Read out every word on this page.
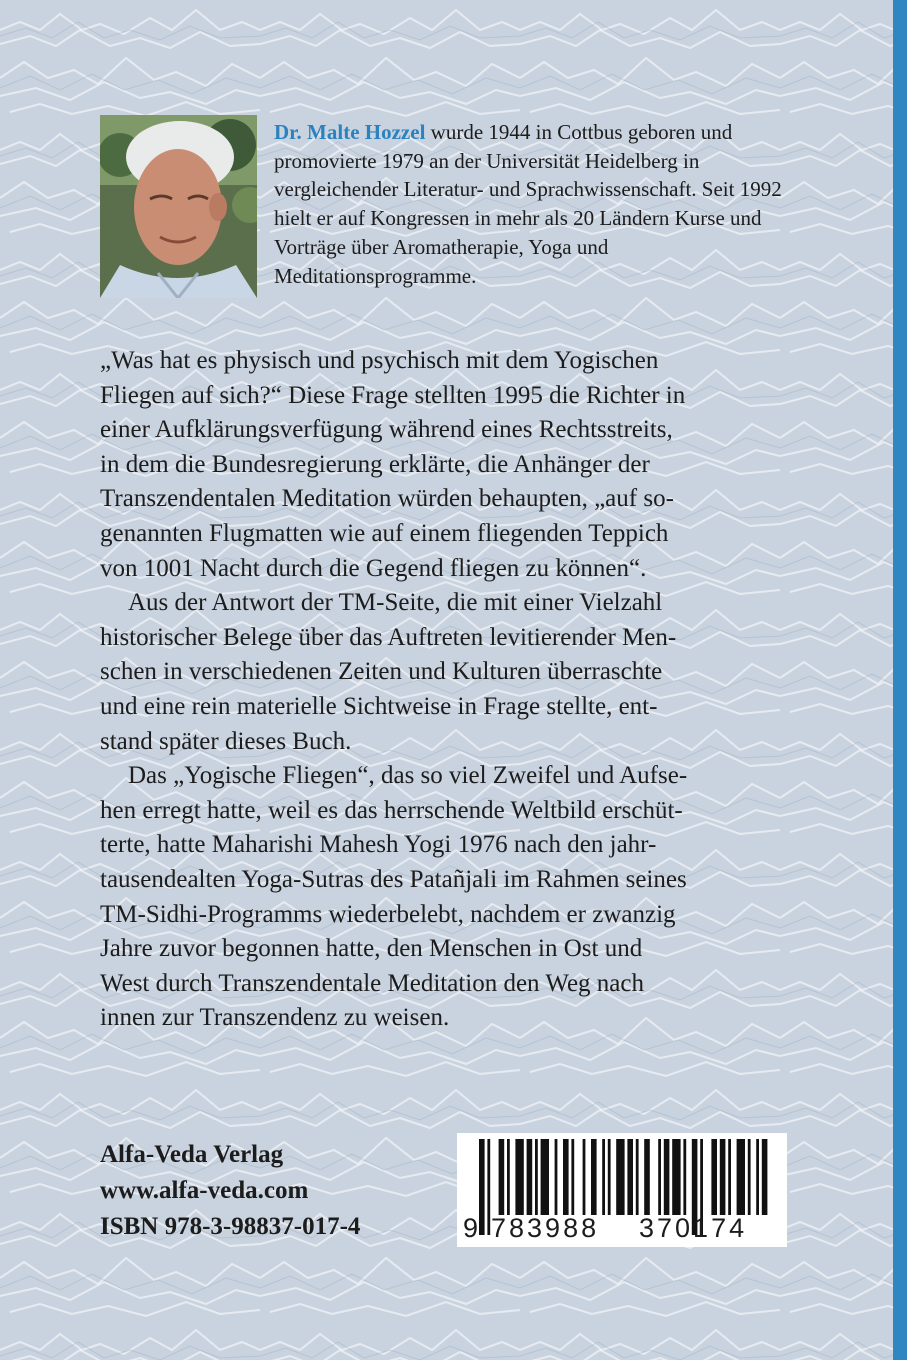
Dr. Malte Hozzel wurde 1944 in Cottbus geboren und promovierte 1979 an der Universität Heidelberg in vergleichender Literatur- und Sprachwissenschaft. Seit 1992 hielt er auf Kongressen in mehr als 20 Ländern Kurse und Vorträge über Aromatherapie, Yoga und Meditationsprogramme.

„Was hat es physisch und psychisch mit dem Yogischen
Fliegen auf sich?“ Diese Frage stellten 1995 die Richter in
einer Aufklärungsverfügung während eines Rechtsstreits,
in dem die Bundesregierung erklärte, die Anhänger der
Transzendentalen Meditation würden behaupten, „auf so-
genannten Flugmatten wie auf einem fliegenden Teppich
von 1001 Nacht durch die Gegend fliegen zu können“.

Aus der Antwort der TM-Seite, die mit einer Vielzahl
historischer Belege über das Auftreten levitierender Men-
schen in verschiedenen Zeiten und Kulturen überraschte
und eine rein materielle Sichtweise in Frage stellte, ent-
stand später dieses Buch.

Das „Yogische Fliegen“, das so viel Zweifel und Aufse-
hen erregt hatte, weil es das herrschende Weltbild erschüt-
terte, hatte Maharishi Mahesh Yogi 1976 nach den jahr-
tausendealten Yoga-Sutras des Patañjali im Rahmen seines
TM-Sidhi-Programms wiederbelebt, nachdem er zwanzig
Jahre zuvor begonnen hatte, den Menschen in Ost und
West durch Transzendentale Meditation den Weg nach
innen zur Transzendenz zu weisen.

Alfa-Veda Verlag
www.alfa-veda.com
ISBN 978-3-98837-017-4	9 783988 370174
